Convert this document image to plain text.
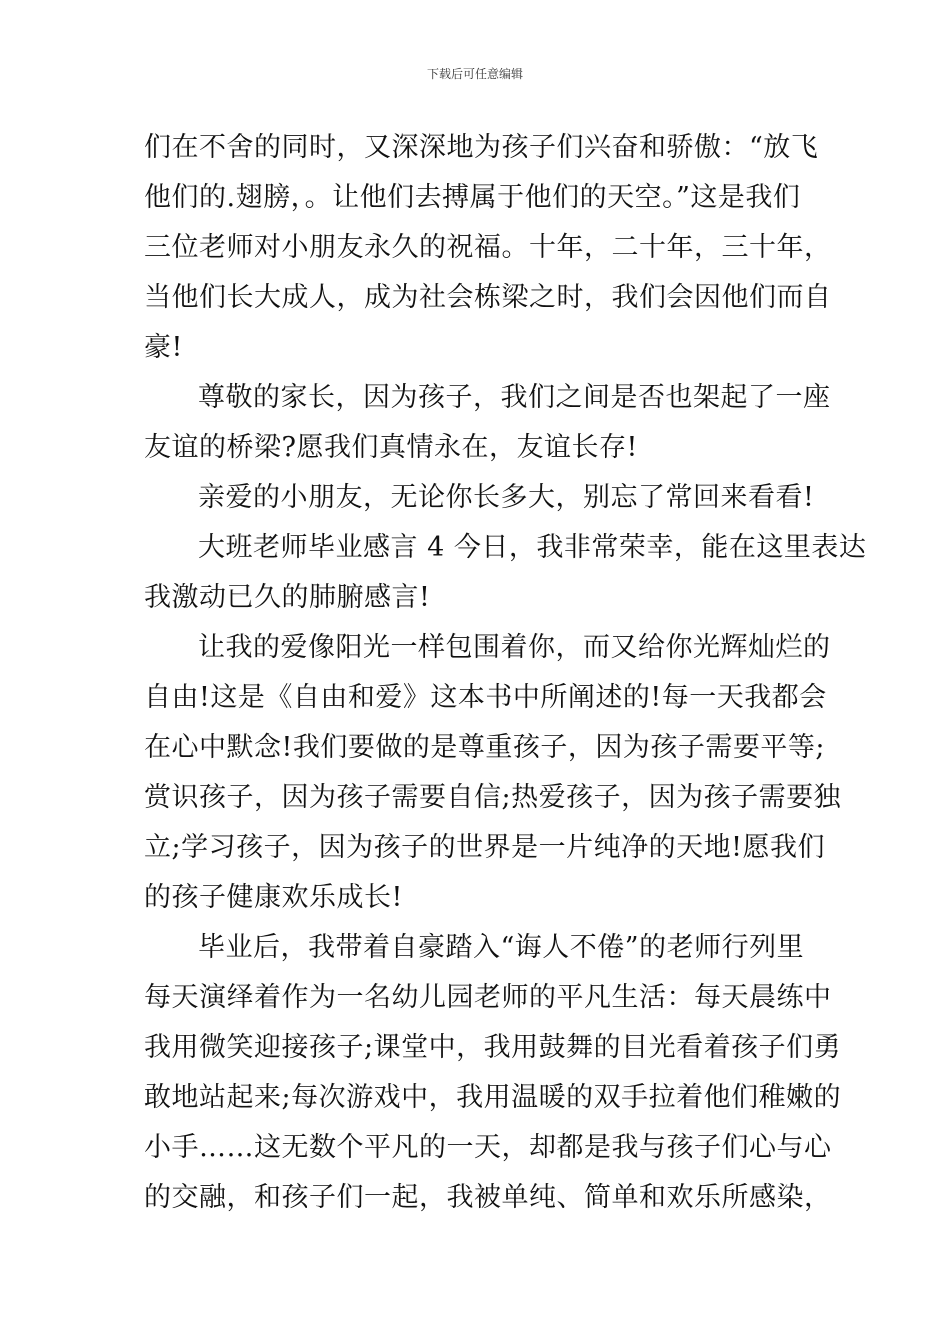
下载后可任意编辑
们在不舍的同时，又深深地为孩子们兴奋和骄傲：“放飞
他们的.翅膀，。让他们去搏属于他们的天空。”这是我们
三位老师对小朋友永久的祝福。十年，二十年，三十年，
当他们长大成人，成为社会栋梁之时，我们会因他们而自
豪!
尊敬的家长，因为孩子，我们之间是否也架起了一座
友谊的桥梁?愿我们真情永在，友谊长存!
亲爱的小朋友，无论你长多大，别忘了常回来看看!
大班老师毕业感言 4 今日，我非常荣幸，能在这里表达
我激动已久的肺腑感言!
让我的爱像阳光一样包围着你，而又给你光辉灿烂的
自由!这是《自由和爱》这本书中所阐述的!每一天我都会
在心中默念!我们要做的是尊重孩子，因为孩子需要平等;
赏识孩子，因为孩子需要自信;热爱孩子，因为孩子需要独
立;学习孩子，因为孩子的世界是一片纯净的天地!愿我们
的孩子健康欢乐成长!
毕业后，我带着自豪踏入“诲人不倦”的老师行列里
每天演绎着作为一名幼儿园老师的平凡生活：每天晨练中
我用微笑迎接孩子;课堂中，我用鼓舞的目光看着孩子们勇
敢地站起来;每次游戏中，我用温暖的双手拉着他们稚嫩的
小手……这无数个平凡的一天，却都是我与孩子们心与心
的交融，和孩子们一起，我被单纯、简单和欢乐所感染，
